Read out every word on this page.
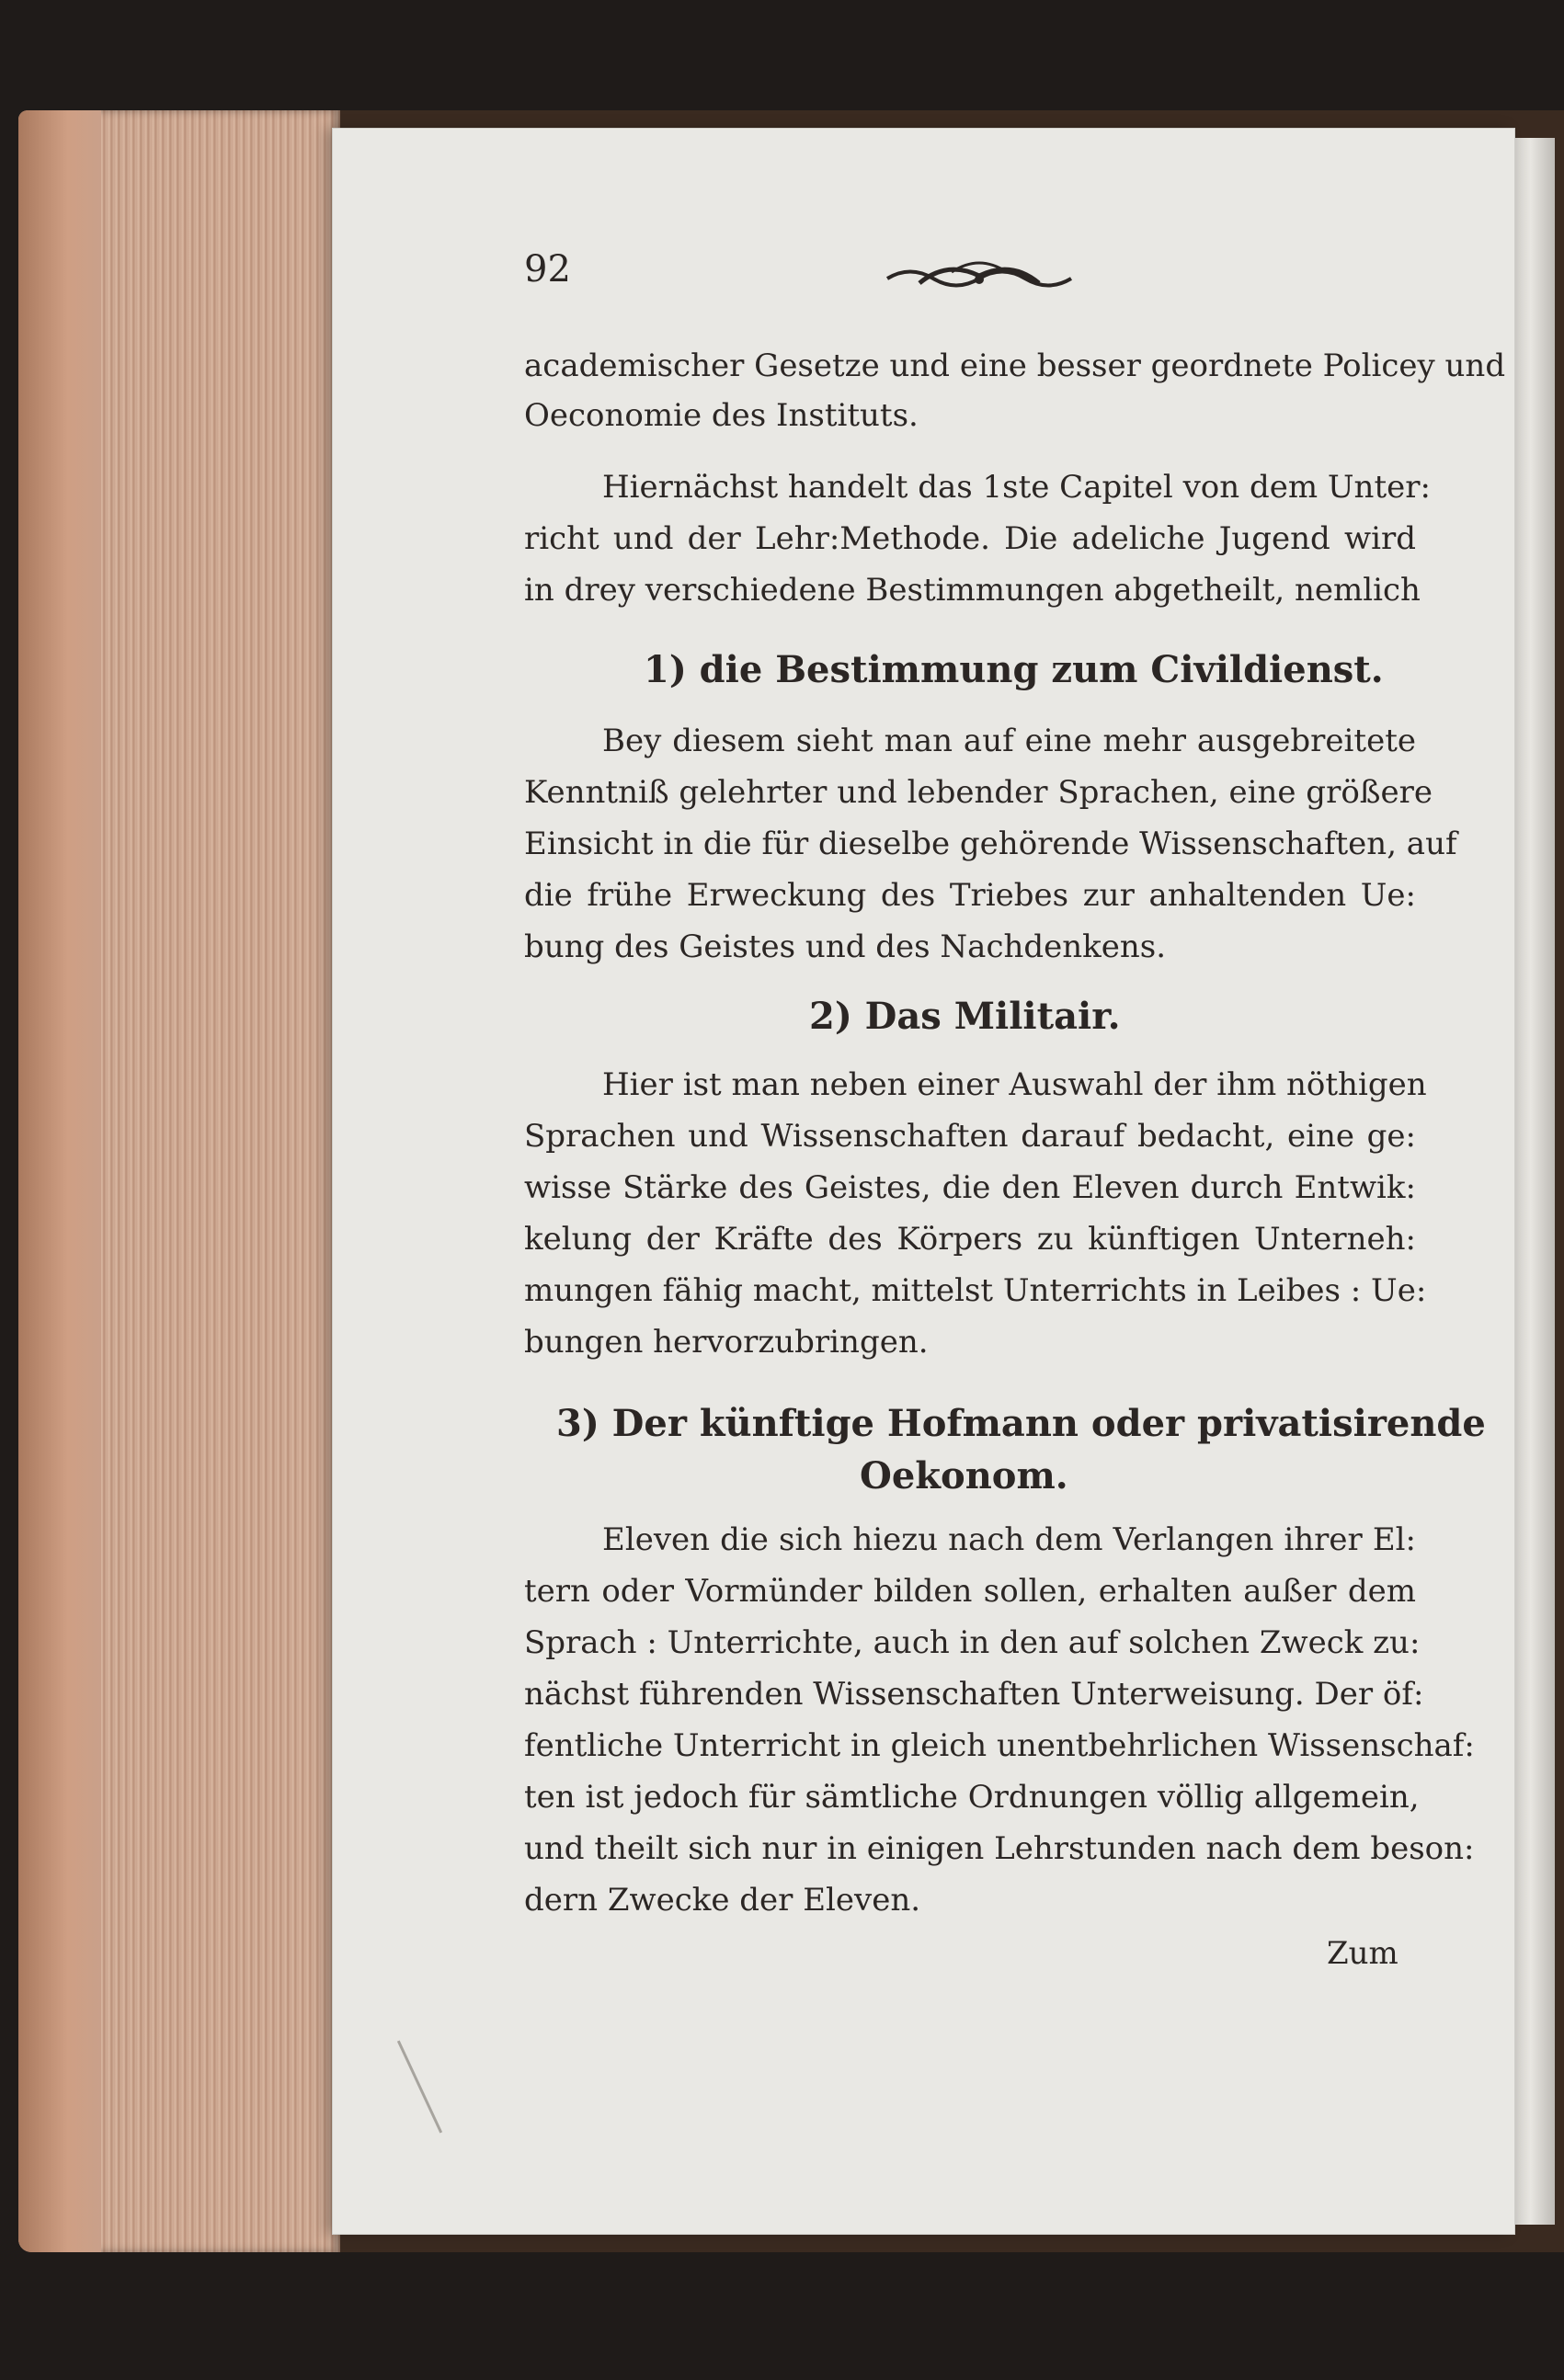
92
academischer Gesetze und eine besser geordnete Policey und
Oeconomie des Instituts.
Hiernächst handelt das 1ste Capitel von dem Unter:
richt und der Lehr:Methode. Die adeliche Jugend wird
in drey verschiedene Bestimmungen abgetheilt, nemlich
1) die Bestimmung zum Civildienst.
Bey diesem sieht man auf eine mehr ausgebreitete
Kenntniß gelehrter und lebender Sprachen, eine größere
Einsicht in die für dieselbe gehörende Wissenschaften, auf
die frühe Erweckung des Triebes zur anhaltenden Ue:
bung des Geistes und des Nachdenkens.
2) Das Militair.
Hier ist man neben einer Auswahl der ihm nöthigen
Sprachen und Wissenschaften darauf bedacht, eine ge:
wisse Stärke des Geistes, die den Eleven durch Entwik:
kelung der Kräfte des Körpers zu künftigen Unterneh:
mungen fähig macht, mittelst Unterrichts in Leibes : Ue:
bungen hervorzubringen.
3) Der künftige Hofmann oder privatisirende
Oekonom.
Eleven die sich hiezu nach dem Verlangen ihrer El:
tern oder Vormünder bilden sollen, erhalten außer dem
Sprach : Unterrichte, auch in den auf solchen Zweck zu:
nächst führenden Wissenschaften Unterweisung. Der öf:
fentliche Unterricht in gleich unentbehrlichen Wissenschaf:
ten ist jedoch für sämtliche Ordnungen völlig allgemein,
und theilt sich nur in einigen Lehrstunden nach dem beson:
dern Zwecke der Eleven.
Zum
